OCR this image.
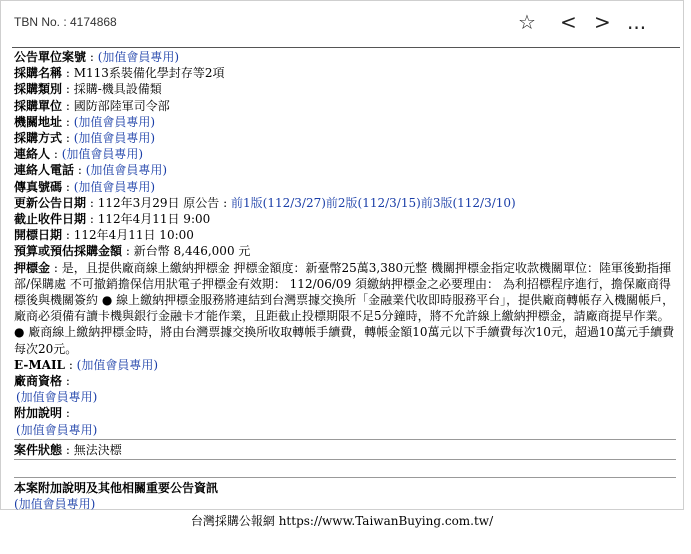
TBN No. : 4174868	☆ < > ...
公告單位案號 : (加值會員專用)
採購名稱 : M113系裝備化學封存等2項
採購類別 : 採購-機具設備類
採購單位 : 國防部陸軍司令部
機關地址 : (加值會員專用)
採購方式 : (加值會員專用)
連絡人 : (加值會員專用)
連絡人電話 : (加值會員專用)
傳真號碼 : (加值會員專用)
更新公告日期 : 112年3月29日 原公告 : 前1版(112/3/27)前2版(112/3/15)前3版(112/3/10)
截止收件日期 : 112年4月11日 9:00
開標日期 : 112年4月11日 10:00
預算或預估採購金額 : 新台幣 8,446,000 元
押標金 : 是，且提供廠商線上繳納押標金 押標金額度：新臺幣25萬3,380元整 機關押標金指定收款機關單位：陸軍後勤指揮部/保購處 不可撤銷擔保信用狀電子押標金有效期： 112/06/09 須繳納押標金之必要理由： 為利招標程序進行，擔保廠商得標後與機關簽約 ● 線上繳納押標金服務將連結到台灣票據交換所「金融業代收即時服務平台」，提供廠商轉帳存入機關帳戶，廠商必須備有讀卡機與銀行金融卡才能作業，且距截止投標期限不足5分鐘時，將不允許線上繳納押標金，請廠商提早作業。 ● 廠商線上繳納押標金時，將由台灣票據交換所收取轉帳手續費，轉帳金額10萬元以下手續費每次10元，超過10萬元手續費每次20元。
E-MAIL : (加值會員專用)
廠商資格 :
(加值會員專用)
附加說明 :
(加值會員專用)
案件狀態 : 無法決標
本案附加說明及其他相關重要公告資訊
(加值會員專用)
台灣採購公報網 https://www.TaiwanBuying.com.tw/
